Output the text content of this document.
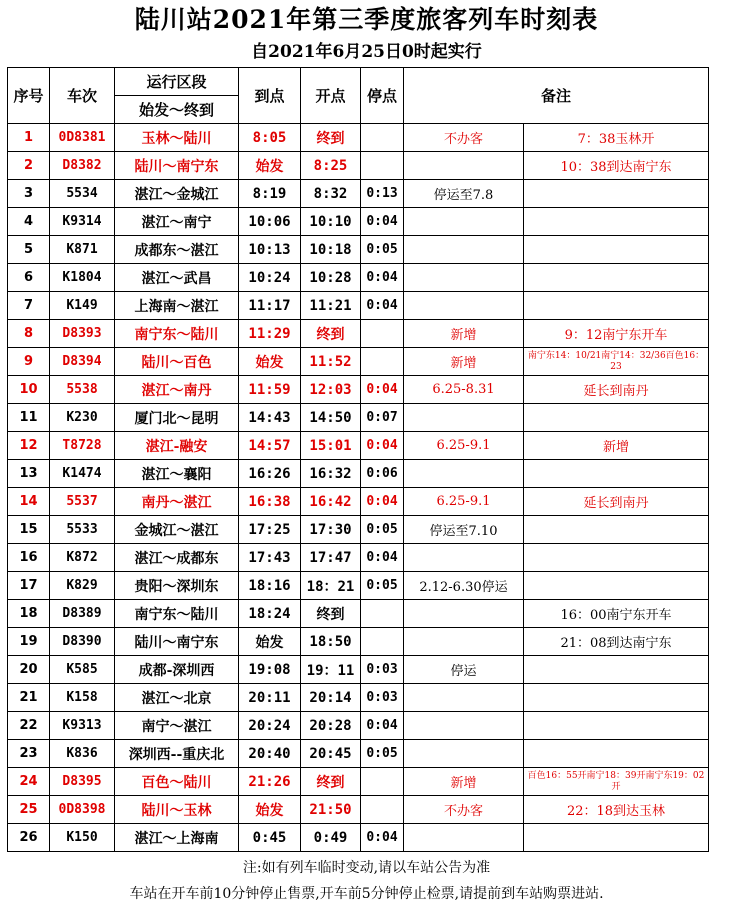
陆川站2021年第三季度旅客列车时刻表
自2021年6月25日0时起实行
序号	车次	运行区段	到点	开点	停点	备注	
		始发～终到					
1	0D8381	玉林～陆川	8:05	终到		不办客	7：38玉林开
2	D8382	陆川～南宁东	始发	8:25			10：38到达南宁东
3	5534	湛江～金城江	8:19	8:32	0:13	停运至7.8	
4	K9314	湛江～南宁	10:06	10:10	0:04		
5	K871	成都东～湛江	10:13	10:18	0:05		
6	K1804	湛江～武昌	10:24	10:28	0:04		
7	K149	上海南～湛江	11:17	11:21	0:04		
8	D8393	南宁东～陆川	11:29	终到		新增	9：12南宁东开车
9	D8394	陆川～百色	始发	11:52		新增	南宁东14：10/21南宁14：32/36百色16：23
10	5538	湛江～南丹	11:59	12:03	0:04	6.25-8.31	延长到南丹
11	K230	厦门北～昆明	14:43	14:50	0:07		
12	T8728	湛江-融安	14:57	15:01	0:04	6.25-9.1	新增
13	K1474	湛江～襄阳	16:26	16:32	0:06		
14	5537	南丹～湛江	16:38	16:42	0:04	6.25-9.1	延长到南丹
15	5533	金城江～湛江	17:25	17:30	0:05	停运至7.10	
16	K872	湛江～成都东	17:43	17:47	0:04		
17	K829	贵阳～深圳东	18:16	18：21	0:05	2.12-6.30停运	
18	D8389	南宁东～陆川	18:24	终到			16：00南宁东开车
19	D8390	陆川～南宁东	始发	18:50			21：08到达南宁东
20	K585	成都-深圳西	19:08	19：11	0:03	停运	
21	K158	湛江～北京	20:11	20:14	0:03		
22	K9313	南宁～湛江	20:24	20:28	0:04		
23	K836	深圳西--重庆北	20:40	20:45	0:05		
24	D8395	百色～陆川	21:26	终到		新增	百色16：55开南宁18：39开南宁东19：02开
25	0D8398	陆川～玉林	始发	21:50		不办客	22：18到达玉林
26	K150	湛江～上海南	0:45	0:49	0:04		
注:如有列车临时变动,请以车站公告为准
车站在开车前10分钟停止售票,开车前5分钟停止检票,请提前到车站购票进站.
